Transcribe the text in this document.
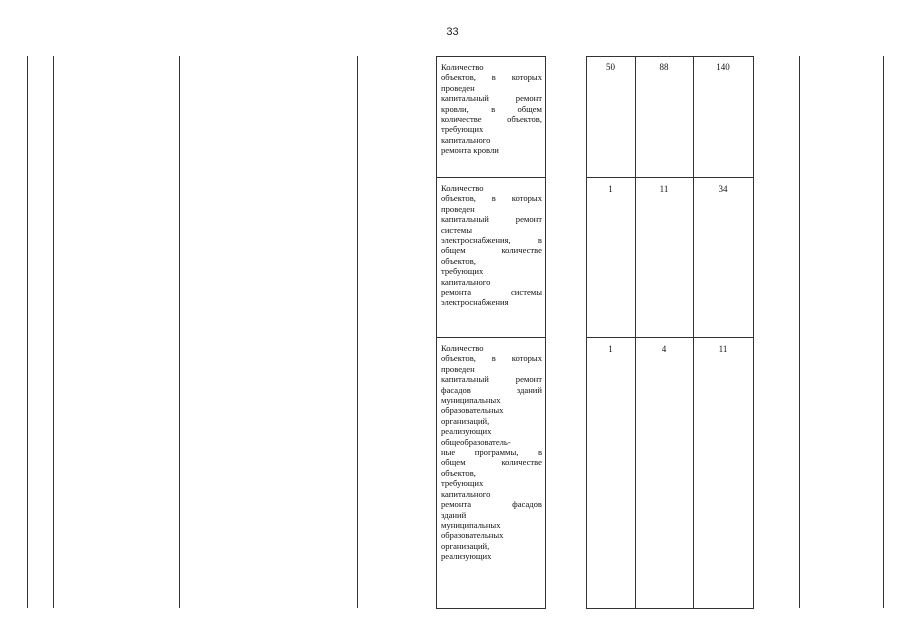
33
Количество
объектов, в которых
проведен
капитальный ремонт
кровли, в общем
количестве объектов,
требующих
капитального
ремонта кровли
50	88	140
Количество
объектов, в которых
проведен
капитальный ремонт
системы
электроснабжения, в
общем количестве
объектов,
требующих
капитального
ремонта системы
электроснабжения
1	11	34
Количество
объектов, в которых
проведен
капитальный ремонт
фасадов зданий
муниципальных
образовательных
организаций,
реализующих
общеобразователь-
ные программы, в
общем количестве
объектов,
требующих
капитального
ремонта фасадов
зданий
муниципальных
образовательных
организаций,
реализующих
1	4	11
